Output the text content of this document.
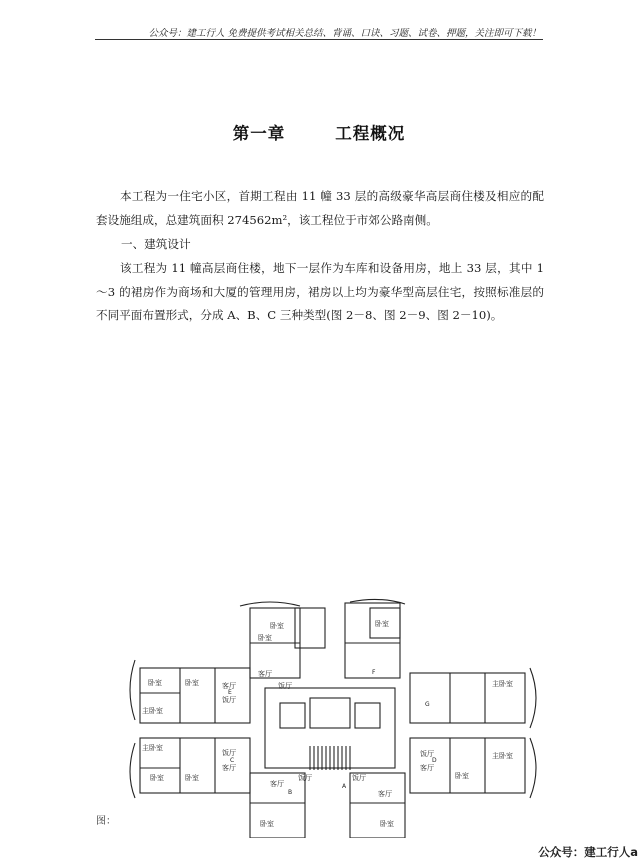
公众号：建工行人 免费提供考试相关总结、背诵、口诀、习题、试卷、押题，关注即可下载！
第一章	工程概况
本工程为一住宅小区，首期工程由 11 幢 33 层的高级豪华高层商住楼及相应的配套设施组成，总建筑面积 274562m²，该工程位于市郊公路南侧。
一、建筑设计
该工程为 11 幢高层商住楼，地下一层作为车库和设备用房，地上 33 层，其中 1～3 的裙房作为商场和大厦的管理用房，裙房以上均为豪华型高层住宅，按照标准层的不同平面布置形式，分成 A、B、C 三种类型(图 2－8、图 2－9、图 2－10)。
卧室
卧室
卧室
客厅
饭厅
卧室	卧室
主卧室
客厅
饭厅
主卧室
饭厅
客厅
卧室	卧室
主卧室
主卧室
饭厅
客厅
卧室
客厅
饭厅	饭厅
客厅
卧室	卧室
A
B
C	D
E
F
G
图：
公众号：建工行人a
